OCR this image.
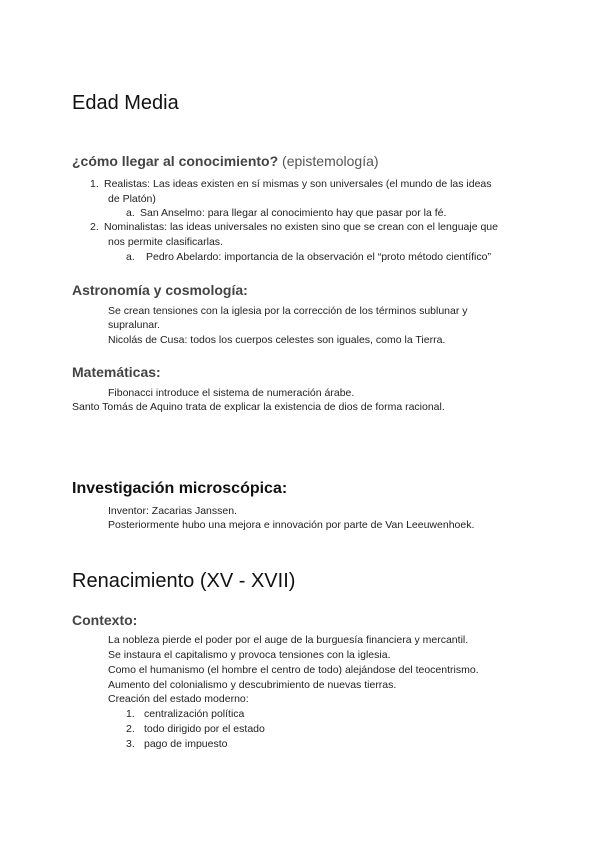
Edad Media
¿cómo llegar al conocimiento? (epistemología)
1. Realistas: Las ideas existen en sí mismas y son universales (el mundo de las ideas
de Platón)
a. San Anselmo: para llegar al conocimiento hay que pasar por la fé.
2. Nominalistas: las ideas universales no existen sino que se crean con el lenguaje que
nos permite clasificarlas.
a. Pedro Abelardo: importancia de la observación el “proto método científico”
Astronomía y cosmología:
Se crean tensiones con la iglesia por la corrección de los términos sublunar y
supralunar.
Nicolás de Cusa: todos los cuerpos celestes son iguales, como la Tierra.
Matemáticas:
Fibonacci introduce el sistema de numeración árabe.
Santo Tomás de Aquino trata de explicar la existencia de dios de forma racional.
Investigación microscópica:
Inventor: Zacarias Janssen.
Posteriormente hubo una mejora e innovación por parte de Van Leeuwenhoek.
Renacimiento (XV - XVII)
Contexto:
La nobleza pierde el poder por el auge de la burguesía financiera y mercantil.
Se instaura el capitalismo y provoca tensiones con la iglesia.
Como el humanismo (el hombre el centro de todo) alejándose del teocentrismo.
Aumento del colonialismo y descubrimiento de nuevas tierras.
Creación del estado moderno:
1. centralización política
2. todo dirigido por el estado
3. pago de impuesto
